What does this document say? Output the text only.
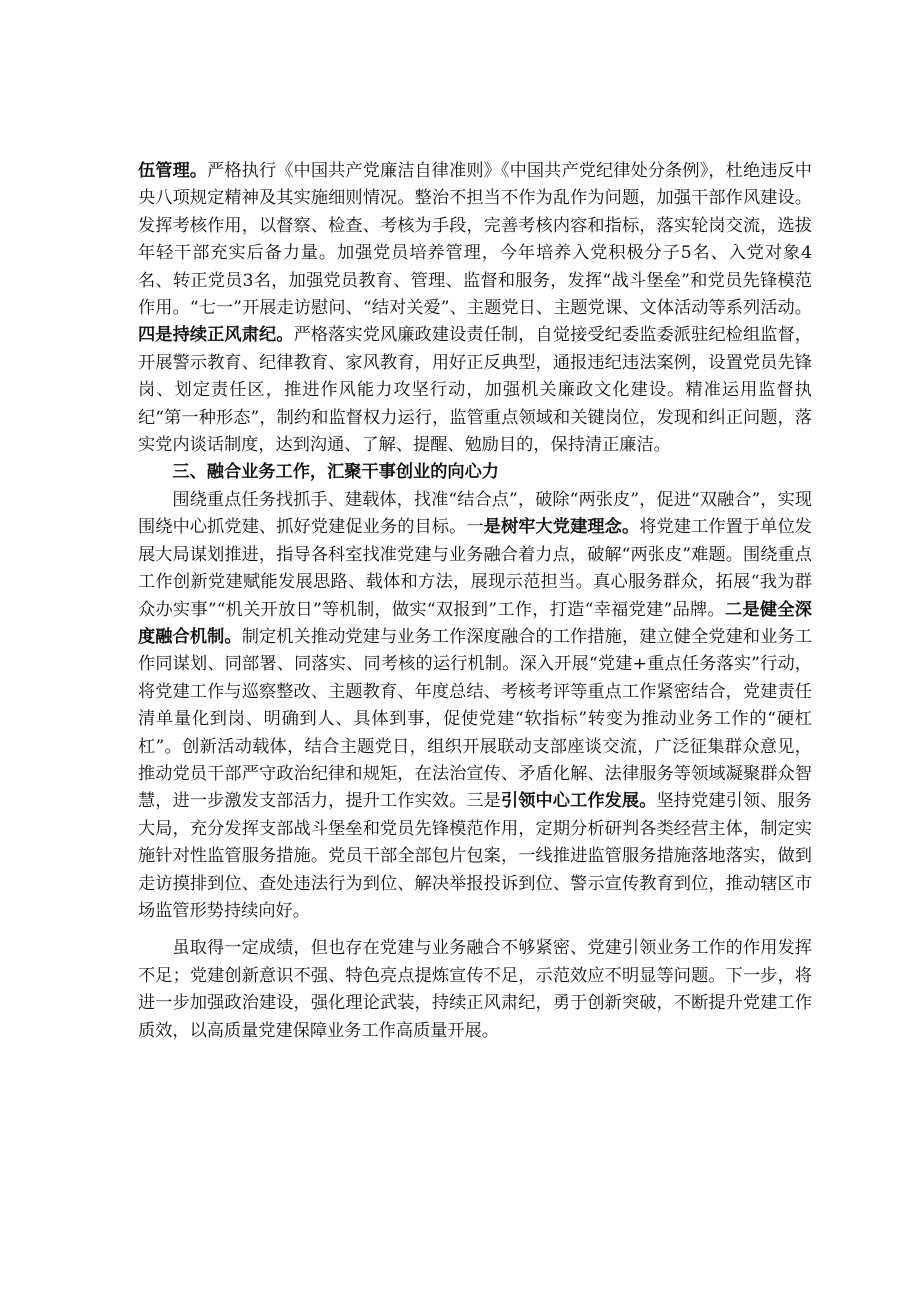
伍管理。严格执行《中国共产党廉洁自律准则》《中国共产党纪律处分条例》，杜绝违反中央八项规定精神及其实施细则情况。整治不担当不作为乱作为问题，加强干部作风建设。发挥考核作用，以督察、检查、考核为手段，完善考核内容和指标，落实轮岗交流，选拔年轻干部充实后备力量。加强党员培养管理，今年培养入党积极分子5名、入党对象4名、转正党员3名，加强党员教育、管理、监督和服务，发挥“战斗堡垒”和党员先锋模范作用。“七一”开展走访慰问、“结对关爱”、主题党日、主题党课、文体活动等系列活动。四是持续正风肃纪。严格落实党风廉政建设责任制，自觉接受纪委监委派驻纪检组监督，开展警示教育、纪律教育、家风教育，用好正反典型，通报违纪违法案例，设置党员先锋岗、划定责任区，推进作风能力攻坚行动，加强机关廉政文化建设。精准运用监督执纪“第一种形态”，制约和监督权力运行，监管重点领域和关键岗位，发现和纠正问题，落实党内谈话制度，达到沟通、了解、提醒、勉励目的，保持清正廉洁。

三、融合业务工作，汇聚干事创业的向心力

围绕重点任务找抓手、建载体，找准“结合点”，破除“两张皮”，促进“双融合”，实现围绕中心抓党建、抓好党建促业务的目标。一是树牢大党建理念。将党建工作置于单位发展大局谋划推进，指导各科室找准党建与业务融合着力点，破解“两张皮”难题。围绕重点工作创新党建赋能发展思路、载体和方法，展现示范担当。真心服务群众，拓展“我为群众办实事”“机关开放日”等机制，做实“双报到”工作，打造“幸福党建”品牌。二是健全深度融合机制。制定机关推动党建与业务工作深度融合的工作措施，建立健全党建和业务工作同谋划、同部署、同落实、同考核的运行机制。深入开展“党建+重点任务落实”行动，将党建工作与巡察整改、主题教育、年度总结、考核考评等重点工作紧密结合，党建责任清单量化到岗、明确到人、具体到事，促使党建“软指标”转变为推动业务工作的“硬杠杠”。创新活动载体，结合主题党日，组织开展联动支部座谈交流，广泛征集群众意见，推动党员干部严守政治纪律和规矩，在法治宣传、矛盾化解、法律服务等领域凝聚群众智慧，进一步激发支部活力，提升工作实效。三是引领中心工作发展。坚持党建引领、服务大局，充分发挥支部战斗堡垒和党员先锋模范作用，定期分析研判各类经营主体，制定实施针对性监管服务措施。党员干部全部包片包案，一线推进监管服务措施落地落实，做到走访摸排到位、查处违法行为到位、解决举报投诉到位、警示宣传教育到位，推动辖区市场监管形势持续向好。

虽取得一定成绩，但也存在党建与业务融合不够紧密、党建引领业务工作的作用发挥不足；党建创新意识不强、特色亮点提炼宣传不足，示范效应不明显等问题。下一步，将进一步加强政治建设，强化理论武装，持续正风肃纪，勇于创新突破，不断提升党建工作质效，以高质量党建保障业务工作高质量开展。
